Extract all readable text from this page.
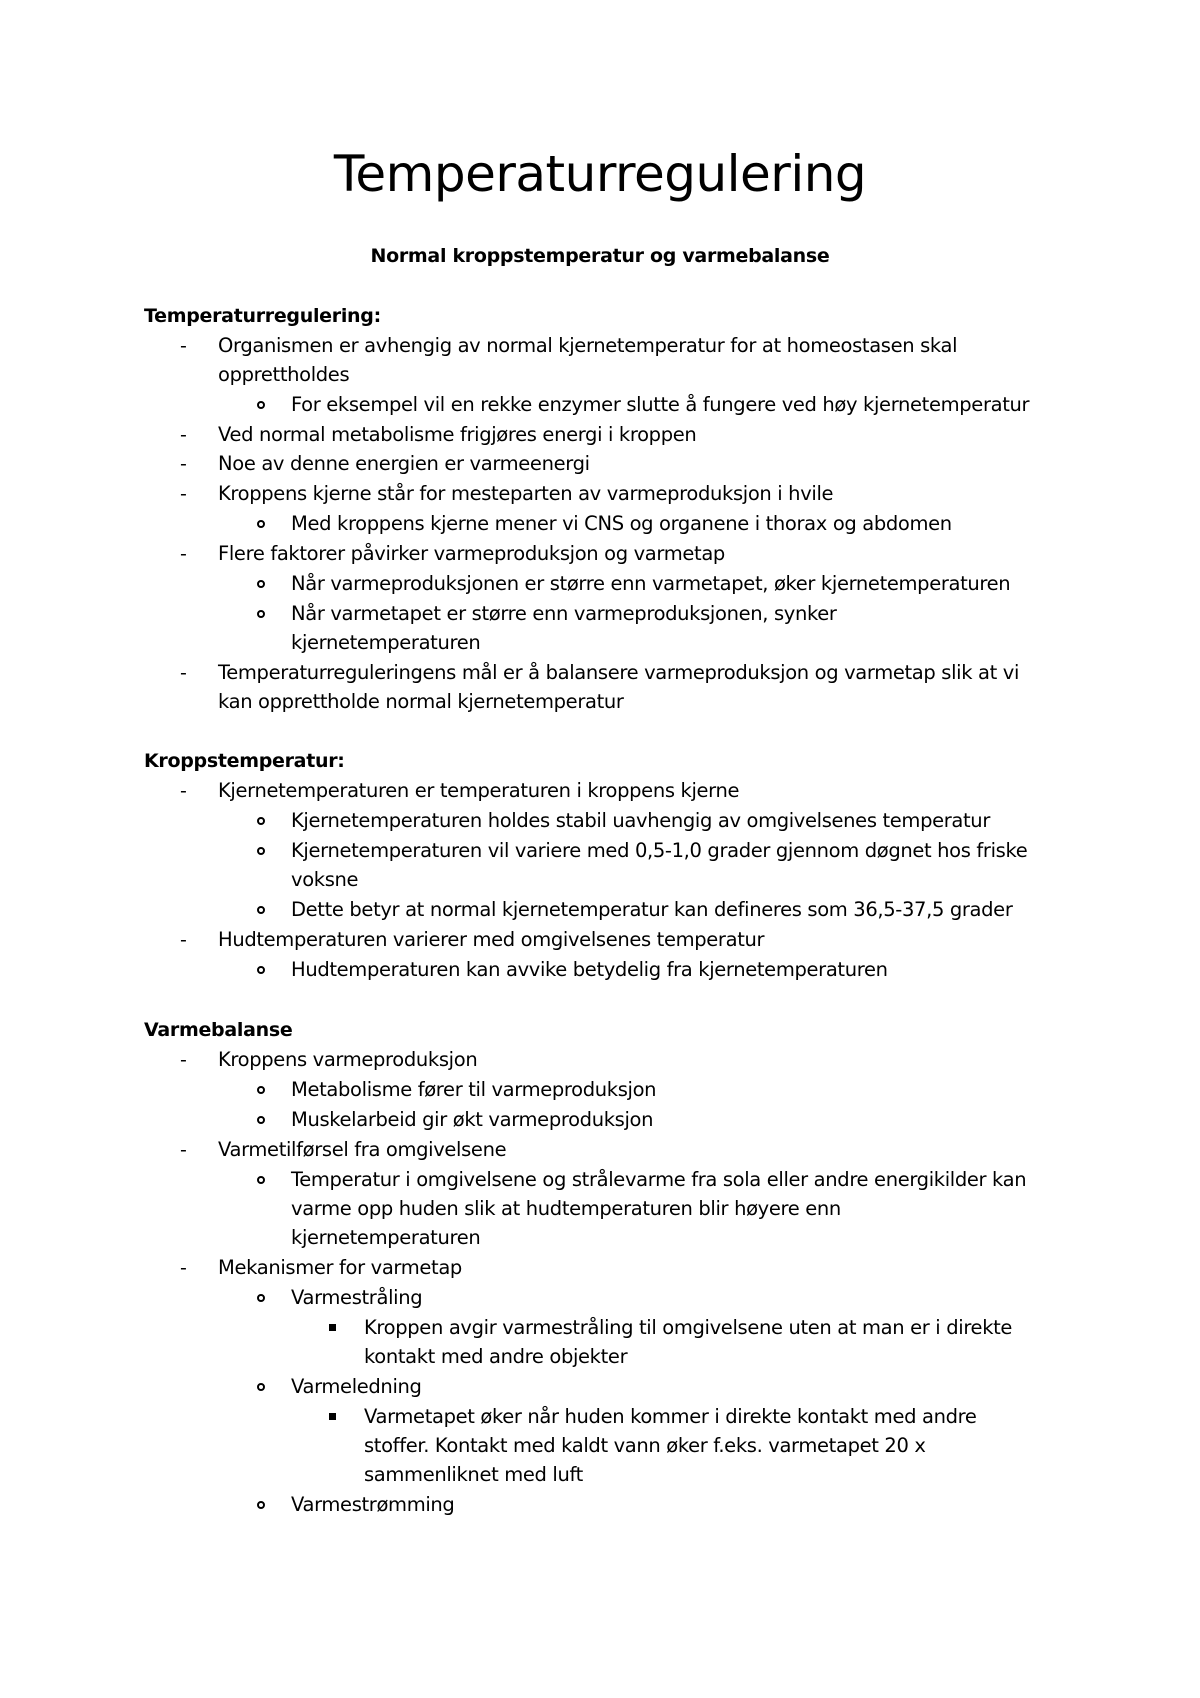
Temperaturregulering
Normal kroppstemperatur og varmebalanse
Temperaturregulering:
- Organismen er avhengig av normal kjernetemperatur for at homeostasen skal
opprettholdes
For eksempel vil en rekke enzymer slutte å fungere ved høy kjernetemperatur
- Ved normal metabolisme frigjøres energi i kroppen
- Noe av denne energien er varmeenergi
- Kroppens kjerne står for mesteparten av varmeproduksjon i hvile
Med kroppens kjerne mener vi CNS og organene i thorax og abdomen
- Flere faktorer påvirker varmeproduksjon og varmetap
Når varmeproduksjonen er større enn varmetapet, øker kjernetemperaturen
Når varmetapet er større enn varmeproduksjonen, synker
kjernetemperaturen
- Temperaturreguleringens mål er å balansere varmeproduksjon og varmetap slik at vi
kan opprettholde normal kjernetemperatur
Kroppstemperatur:
- Kjernetemperaturen er temperaturen i kroppens kjerne
Kjernetemperaturen holdes stabil uavhengig av omgivelsenes temperatur
Kjernetemperaturen vil variere med 0,5-1,0 grader gjennom døgnet hos friske
voksne
Dette betyr at normal kjernetemperatur kan defineres som 36,5-37,5 grader
- Hudtemperaturen varierer med omgivelsenes temperatur
Hudtemperaturen kan avvike betydelig fra kjernetemperaturen
Varmebalanse
- Kroppens varmeproduksjon
Metabolisme fører til varmeproduksjon
Muskelarbeid gir økt varmeproduksjon
- Varmetilførsel fra omgivelsene
Temperatur i omgivelsene og strålevarme fra sola eller andre energikilder kan
varme opp huden slik at hudtemperaturen blir høyere enn
kjernetemperaturen
- Mekanismer for varmetap
Varmestråling
Kroppen avgir varmestråling til omgivelsene uten at man er i direkte
kontakt med andre objekter
Varmeledning
Varmetapet øker når huden kommer i direkte kontakt med andre
stoffer. Kontakt med kaldt vann øker f.eks. varmetapet 20 x
sammenliknet med luft
Varmestrømming
